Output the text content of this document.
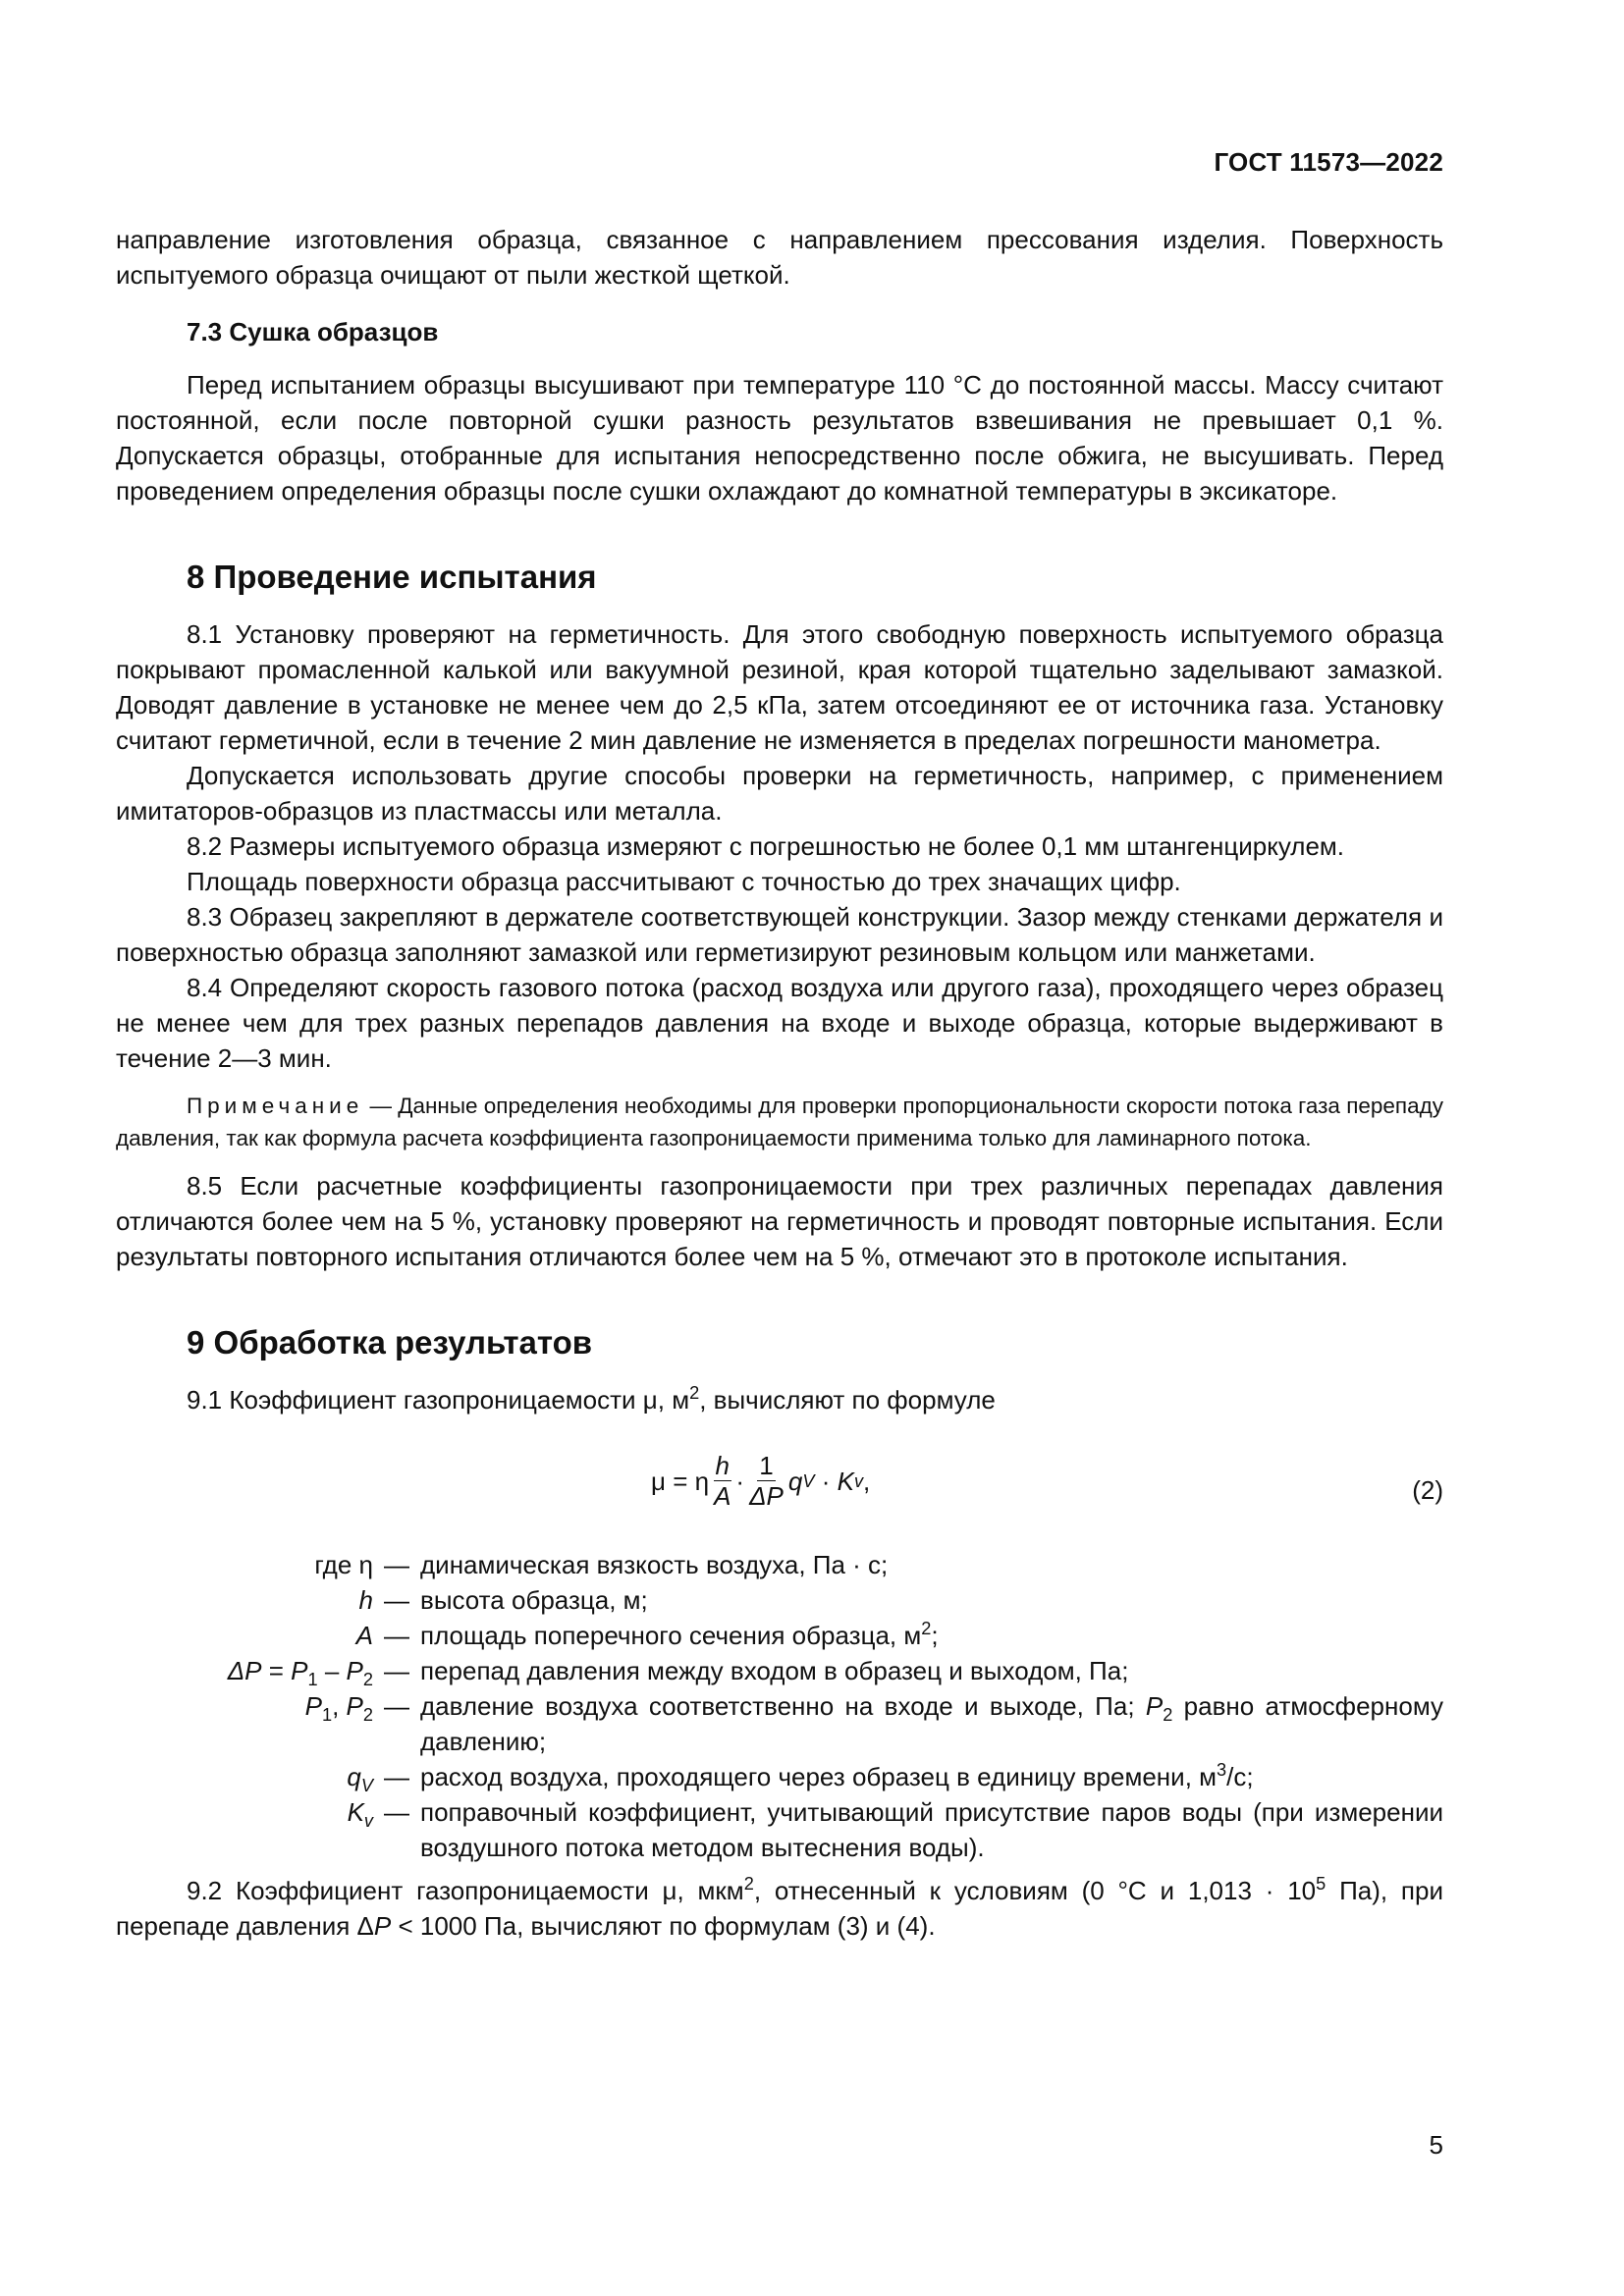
ГОСТ 11573—2022

направление изготовления образца, связанное с направлением прессования изделия. Поверхность испытуемого образца очищают от пыли жесткой щеткой.

7.3 Сушка образцов

Перед испытанием образцы высушивают при температуре 110 °С до постоянной массы. Массу считают постоянной, если после повторной сушки разность результатов взвешивания не превышает 0,1 %. Допускается образцы, отобранные для испытания непосредственно после обжига, не высушивать. Перед проведением определения образцы после сушки охлаждают до комнатной температуры в эксикаторе.

8 Проведение испытания

8.1 Установку проверяют на герметичность. Для этого свободную поверхность испытуемого образца покрывают промасленной калькой или вакуумной резиной, края которой тщательно заделывают замазкой. Доводят давление в установке не менее чем до 2,5 кПа, затем отсоединяют ее от источника газа. Установку считают герметичной, если в течение 2 мин давление не изменяется в пределах погрешности манометра.

Допускается использовать другие способы проверки на герметичность, например, с применением имитаторов-образцов из пластмассы или металла.

8.2 Размеры испытуемого образца измеряют с погрешностью не более 0,1 мм штангенциркулем.

Площадь поверхности образца рассчитывают с точностью до трех значащих цифр.

8.3 Образец закрепляют в держателе соответствующей конструкции. Зазор между стенками держателя и поверхностью образца заполняют замазкой или герметизируют резиновым кольцом или манжетами.

8.4 Определяют скорость газового потока (расход воздуха или другого газа), проходящего через образец не менее чем для трех разных перепадов давления на входе и выходе образца, которые выдерживают в течение 2—3 мин.

Примечание — Данные определения необходимы для проверки пропорциональности скорости потока газа перепаду давления, так как формула расчета коэффициента газопроницаемости применима только для ламинарного потока.

8.5 Если расчетные коэффициенты газопроницаемости при трех различных перепадах давления отличаются более чем на 5 %, установку проверяют на герметичность и проводят повторные испытания. Если результаты повторного испытания отличаются более чем на 5 %, отмечают это в протоколе испытания.

9 Обработка результатов

9.1 Коэффициент газопроницаемости μ, $м^2$, вычисляют по формуле

μ = η $\frac{h}{A} \cdot \frac{1}{\Delta P}$ q V · K v ,	(2)
где η — динамическая вязкость воздуха, Па · с;
h — высота образца, м;
A — площадь поперечного сечения образца, $м^2$;
$\Delta P = P_1 - P_2$ — перепад давления между входом в образец и выходом, Па;
$P_1$, $P_2$ — давление воздуха соответственно на входе и выходе, Па; $P_2$ равно атмосферному давлению;
$q_V$ — расход воздуха, проходящего через образец в единицу времени, $м^3/с$;
$K_v$ — поправочный коэффициент, учитывающий присутствие паров воды (при измерении воздушного потока методом вытеснения воды).

9.2 Коэффициент газопроницаемости μ, мкм$^2$, отнесенный к условиям (0 °С и $1,013 \cdot 10^5$ Па), при перепаде давления ΔP < 1000 Па, вычисляют по формулам (3) и (4).

5
